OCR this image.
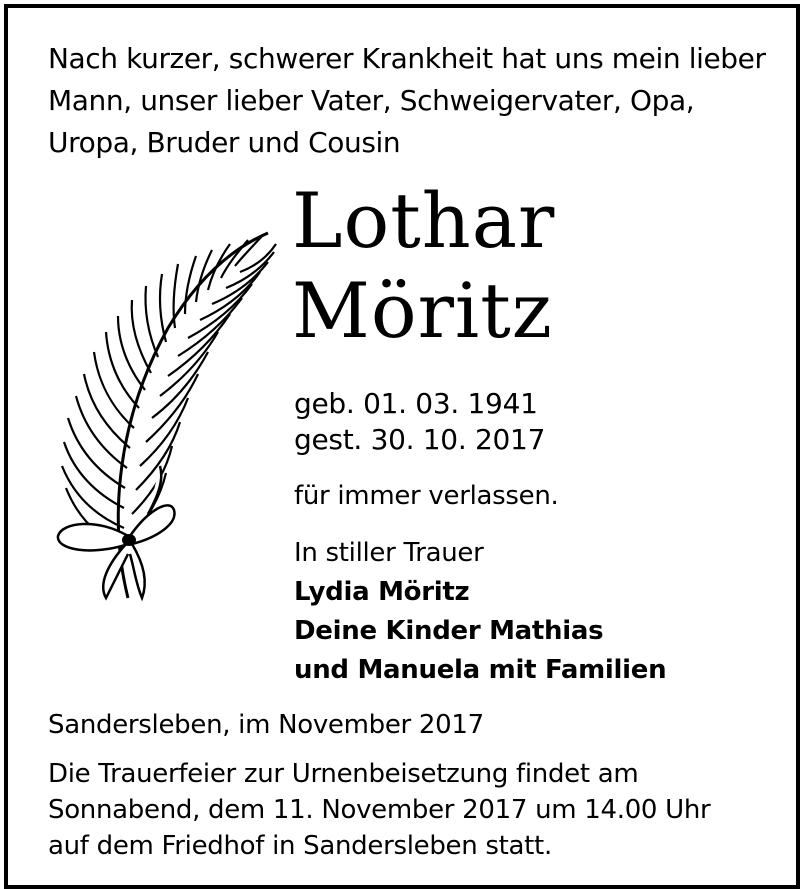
Nach kurzer, schwerer Krankheit hat uns mein lieber
Mann, unser lieber Vater, Schweigervater, Opa,
Uropa, Bruder und Cousin
Lothar
Möritz
geb. 01. 03. 1941
gest. 30. 10. 2017
für immer verlassen.
In stiller Trauer
Lydia Möritz
Deine Kinder Mathias
und Manuela mit Familien
Sandersleben, im November 2017
Die Trauerfeier zur Urnenbeisetzung findet am
Sonnabend, dem 11. November 2017 um 14.00 Uhr
auf dem Friedhof in Sandersleben statt.
